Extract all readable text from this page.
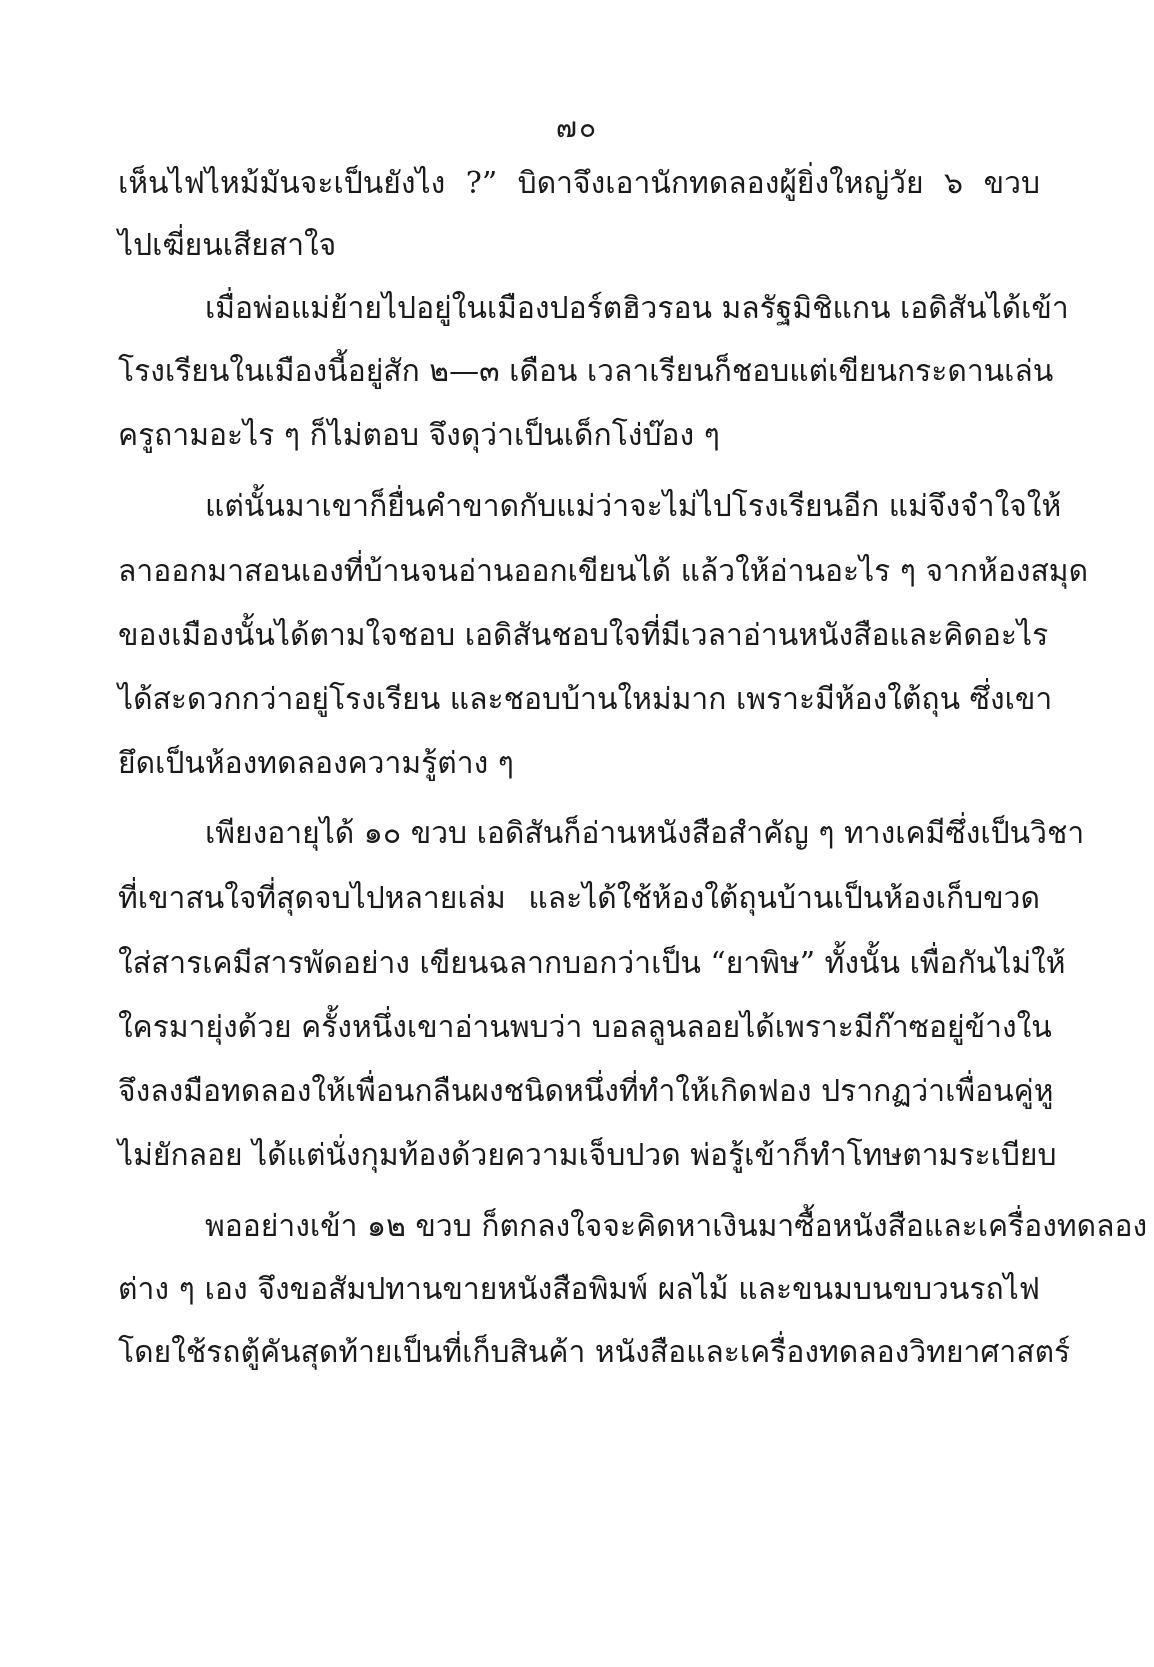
๗๐
เห็นไฟไหม้มันจะเป็นยังไง ?” บิดาจึงเอานักทดลองผู้ยิ่งใหญ่วัย ๖ ขวบ
ไปเฆี่ยนเสียสาใจ
เมื่อพ่อแม่ย้ายไปอยู่ในเมืองปอร์ตฮิวรอน มลรัฐมิชิแกน เอดิสันได้เข้า
โรงเรียนในเมืองนี้อยู่สัก ๒—๓ เดือน เวลาเรียนก็ชอบแต่เขียนกระดานเล่น
ครูถามอะไร ๆ ก็ไม่ตอบ จึงดุว่าเป็นเด็กโง่บ๊อง ๆ
แต่นั้นมาเขาก็ยื่นคำขาดกับแม่ว่าจะไม่ไปโรงเรียนอีก แม่จึงจำใจให้
ลาออกมาสอนเองที่บ้านจนอ่านออกเขียนได้ แล้วให้อ่านอะไร ๆ จากห้องสมุด
ของเมืองนั้นได้ตามใจชอบ เอดิสันชอบใจที่มีเวลาอ่านหนังสือและคิดอะไร
ได้สะดวกกว่าอยู่โรงเรียน และชอบบ้านใหม่มาก เพราะมีห้องใต้ถุน ซึ่งเขา
ยึดเป็นห้องทดลองความรู้ต่าง ๆ
เพียงอายุได้ ๑๐ ขวบ เอดิสันก็อ่านหนังสือสำคัญ ๆ ทางเคมีซึ่งเป็นวิชา
ที่เขาสนใจที่สุดจบไปหลายเล่ม และได้ใช้ห้องใต้ถุนบ้านเป็นห้องเก็บขวด
ใส่สารเคมีสารพัดอย่าง เขียนฉลากบอกว่าเป็น “ยาพิษ” ทั้งนั้น เพื่อกันไม่ให้
ใครมายุ่งด้วย ครั้งหนึ่งเขาอ่านพบว่า บอลลูนลอยได้เพราะมีก๊าซอยู่ข้างใน
จึงลงมือทดลองให้เพื่อนกลืนผงชนิดหนึ่งที่ทำให้เกิดฟอง ปรากฏว่าเพื่อนคู่หู
ไม่ยักลอย ได้แต่นั่งกุมท้องด้วยความเจ็บปวด พ่อรู้เข้าก็ทำโทษตามระเบียบ
พออย่างเข้า ๑๒ ขวบ ก็ตกลงใจจะคิดหาเงินมาซื้อหนังสือและเครื่องทดลอง
ต่าง ๆ เอง จึงขอสัมปทานขายหนังสือพิมพ์ ผลไม้ และขนมบนขบวนรถไฟ
โดยใช้รถตู้คันสุดท้ายเป็นที่เก็บสินค้า หนังสือและเครื่องทดลองวิทยาศาสตร์
